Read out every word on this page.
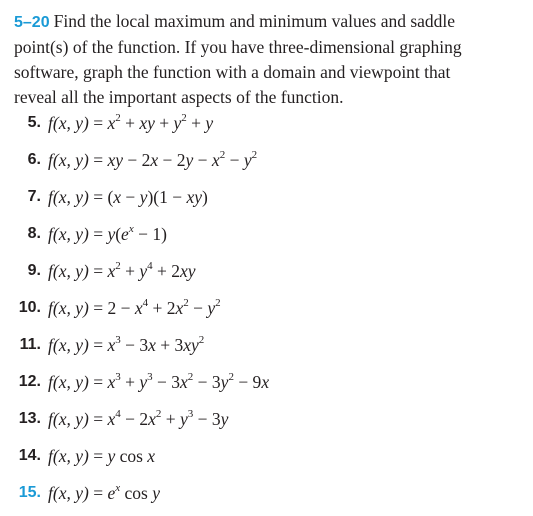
5–20 Find the local maximum and minimum values and saddle
point(s) of the function. If you have three-dimensional graphing
software, graph the function with a domain and viewpoint that
reveal all the important aspects of the function.
5. f(x, $y) = x^2$ + xy + $y^2 + y$
6. f(x, y) = xy − $2x - 2y - x^2 - y^2$
7. f(x, y) = (x − y)(1 − xy)
8. f(x, $y) = y(e^x - 1)$
9. f(x, $y) = x^2 + y^4 + 2xy$
10. f(x, $y) = 2 - x^4 + 2x^2 - y^2$
11. f(x, $y) = x^3 - 3x + 3xy^2$
12. f(x, $y) = x^3 + y^3 - 3x^2 - 3y^2 - 9x$
13. f(x, $y) = x^4 - 2x^2 + y^3 - 3y$
14. f(x, y) = y cos x
15. f(x, $y) = e^x$ cos y
